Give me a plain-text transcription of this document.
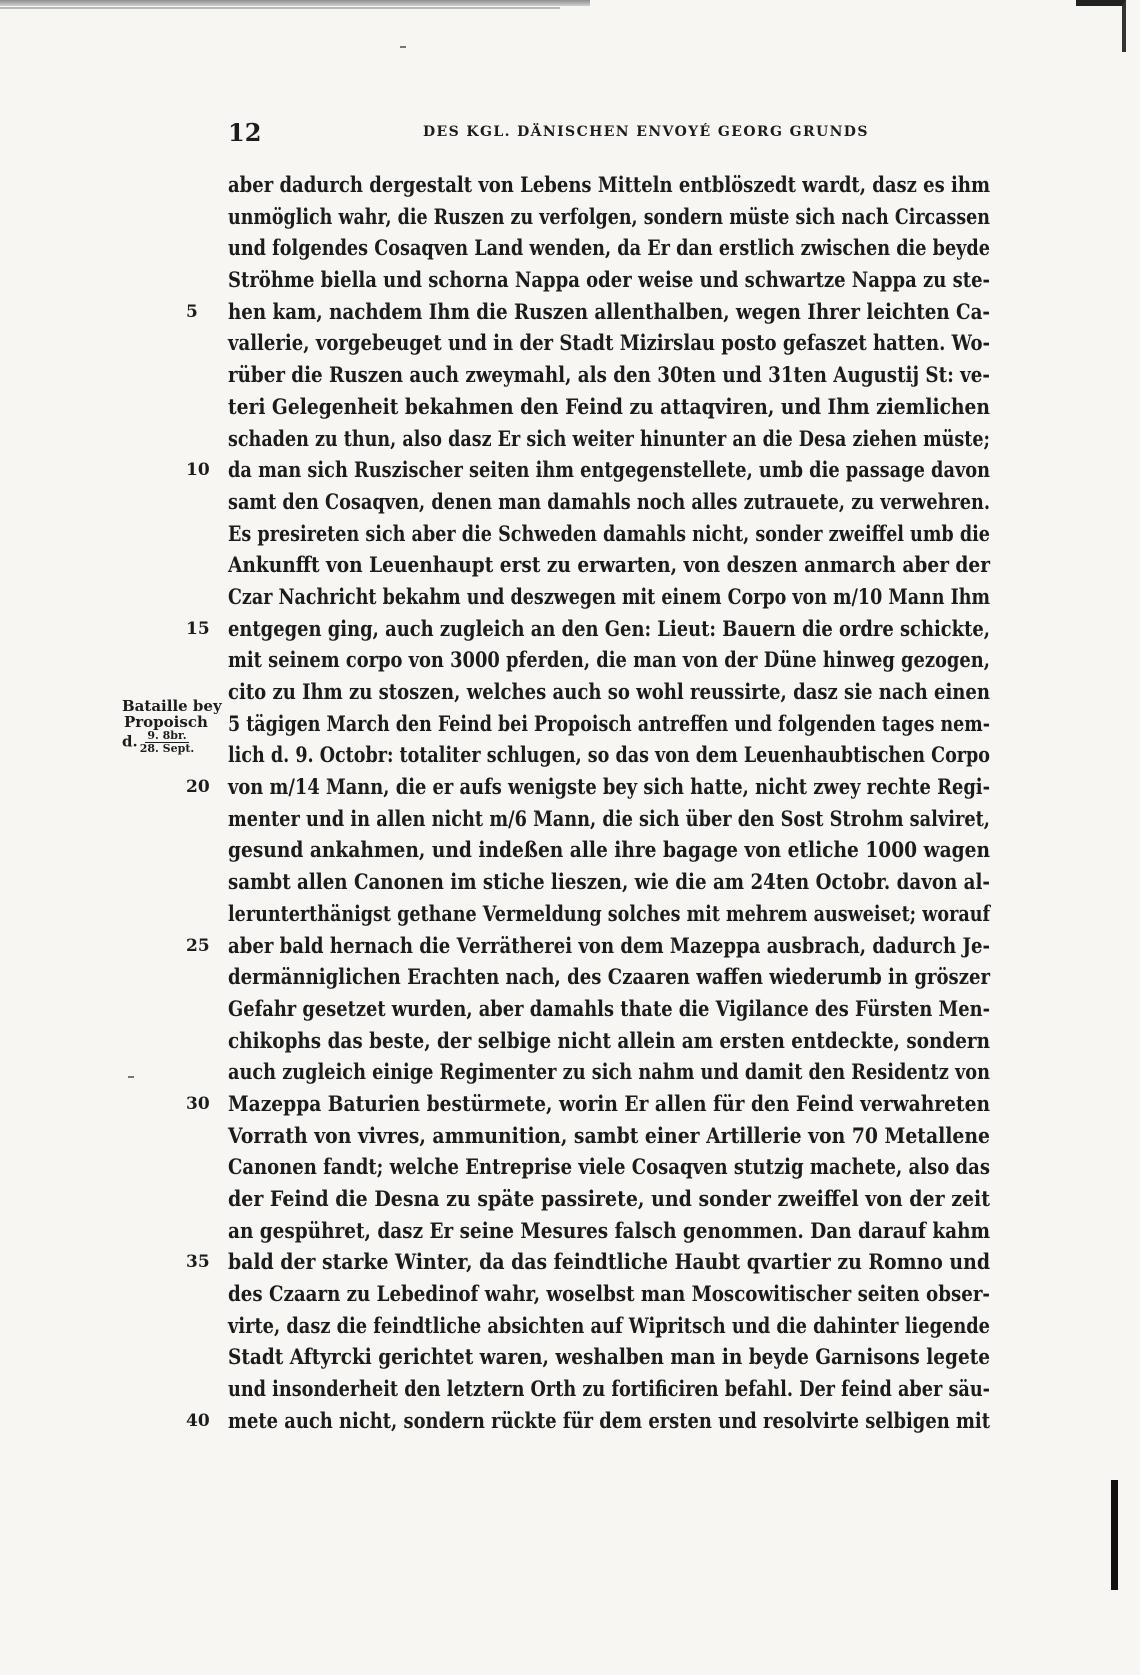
12	DES KGL. DÄNISCHEN ENVOYÉ GEORG GRUNDS
Bataille bey
Propoisch
d. $\frac{9. 8br.}{\text{28. Sept.}}$
aber dadurch dergestalt von Lebens Mitteln entblöszedt wardt, dasz es ihm
unmöglich wahr, die Ruszen zu verfolgen, sondern müste sich nach Circassen
und folgendes Cosaqven Land wenden, da Er dan erstlich zwischen die beyde
Ströhme biella und schorna Nappa oder weise und schwartze Nappa zu ste-
5	hen kam, nachdem Ihm die Ruszen allenthalben, wegen Ihrer leichten Ca-
vallerie, vorgebeuget und in der Stadt Mizirslau posto gefaszet hatten. Wo-
rüber die Ruszen auch zweymahl, als den 30ten und 31ten Augustij St: ve-
teri Gelegenheit bekahmen den Feind zu attaqviren, und Ihm ziemlichen
schaden zu thun, also dasz Er sich weiter hinunter an die Desa ziehen müste;
10 da man sich Ruszischer seiten ihm entgegenstellete, umb die passage davon
samt den Cosaqven, denen man damahls noch alles zutrauete, zu verwehren.
Es presireten sich aber die Schweden damahls nicht, sonder zweiffel umb die
Ankunfft von Leuenhaupt erst zu erwarten, von deszen anmarch aber der
Czar Nachricht bekahm und deszwegen mit einem Corpo von m/10 Mann Ihm
15 entgegen ging, auch zugleich an den Gen: Lieut: Bauern die ordre schickte,
mit seinem corpo von 3000 pferden, die man von der Düne hinweg gezogen,
cito zu Ihm zu stoszen, welches auch so wohl reussirte, dasz sie nach einen
5 tägigen March den Feind bei Propoisch antreffen und folgenden tages nem-
lich d. 9. Octobr: totaliter schlugen, so das von dem Leuenhaubtischen Corpo
20 von m/14 Mann, die er aufs wenigste bey sich hatte, nicht zwey rechte Regi-
menter und in allen nicht m/6 Mann, die sich über den Sost Strohm salviret,
gesund ankahmen, und indeßen alle ihre bagage von etliche 1000 wagen
sambt allen Canonen im stiche lieszen, wie die am 24ten Octobr. davon al-
lerunterthänigst gethane Vermeldung solches mit mehrem ausweiset; worauf
25 aber bald hernach die Verrätherei von dem Mazeppa ausbrach, dadurch Je-
dermänniglichen Erachten nach, des Czaaren waffen wiederumb in gröszer
Gefahr gesetzet wurden, aber damahls thate die Vigilance des Fürsten Men-
chikophs das beste, der selbige nicht allein am ersten entdeckte, sondern
auch zugleich einige Regimenter zu sich nahm und damit den Residentz von
30 Mazeppa Baturien bestürmete, worin Er allen für den Feind verwahreten
Vorrath von vivres, ammunition, sambt einer Artillerie von 70 Metallene
Canonen fandt; welche Entreprise viele Cosaqven stutzig machete, also das
der Feind die Desna zu späte passirete, und sonder zweiffel von der zeit
an gespühret, dasz Er seine Mesures falsch genommen. Dan darauf kahm
35 bald der starke Winter, da das feindtliche Haubt qvartier zu Romno und
des Czaarn zu Lebedinof wahr, woselbst man Moscowitischer seiten obser-
virte, dasz die feindtliche absichten auf Wipritsch und die dahinter liegende
Stadt Aftyrcki gerichtet waren, weshalben man in beyde Garnisons legete
und insonderheit den letztern Orth zu fortificiren befahl. Der feind aber säu-
40 mete auch nicht, sondern rückte für dem ersten und resolvirte selbigen mit
